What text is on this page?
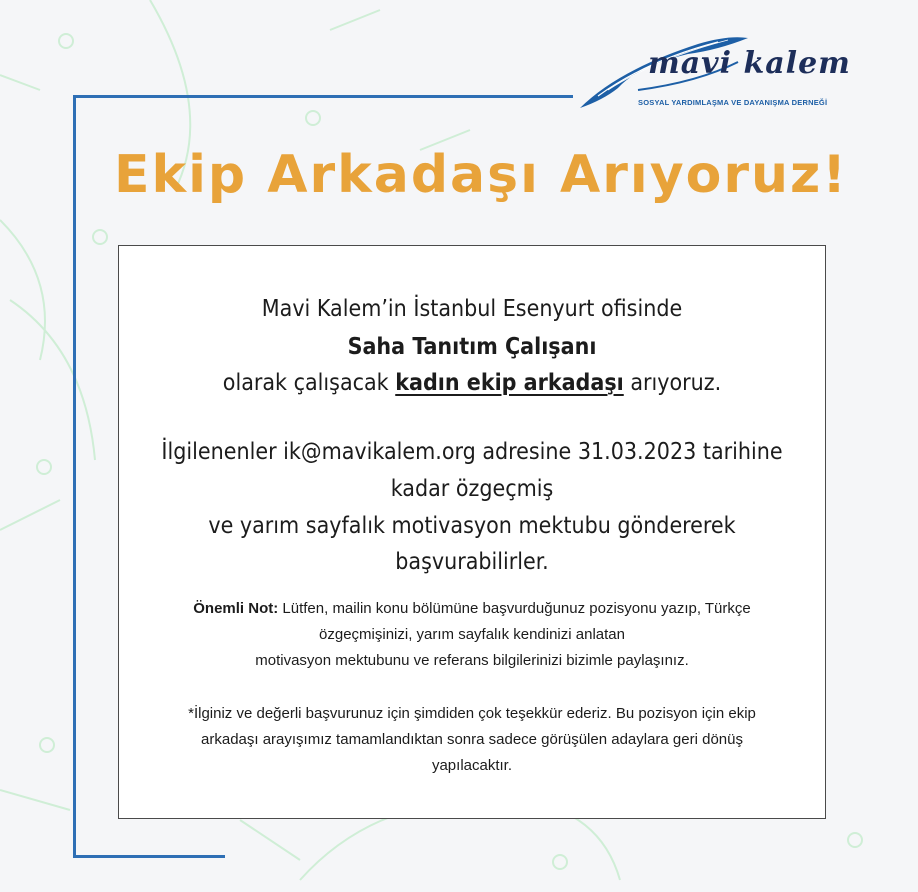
mavi kalem
SOSYAL YARDIMLAŞMA VE DAYANIŞMA DERNEĞİ
Ekip Arkadaşı Arıyoruz!
Mavi Kalem’in İstanbul Esenyurt ofisinde
Saha Tanıtım Çalışanı
olarak çalışacak kadın ekip arkadaşı arıyoruz.
İlgilenenler ik@mavikalem.org adresine 31.03.2023 tarihine
kadar özgeçmiş
ve yarım sayfalık motivasyon mektubu göndererek
başvurabilirler.
Önemli Not: Lütfen, mailin konu bölümüne başvurduğunuz pozisyonu yazıp, Türkçe
özgeçmişinizi, yarım sayfalık kendinizi anlatan
motivasyon mektubunu ve referans bilgilerinizi bizimle paylaşınız.
*İlginiz ve değerli başvurunuz için şimdiden çok teşekkür ederiz. Bu pozisyon için ekip
arkadaşı arayışımız tamamlandıktan sonra sadece görüşülen adaylara geri dönüş
yapılacaktır.
